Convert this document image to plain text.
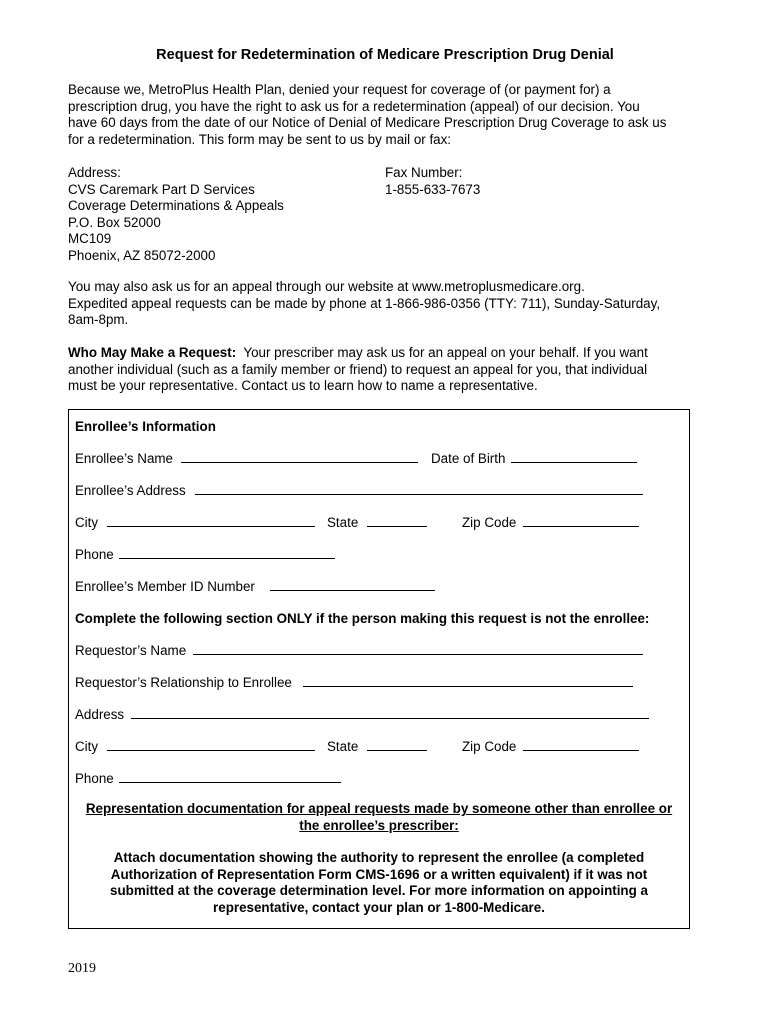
Request for Redetermination of Medicare Prescription Drug Denial
Because we, MetroPlus Health Plan, denied your request for coverage of (or payment for) a
prescription drug, you have the right to ask us for a redetermination (appeal) of our decision. You
have 60 days from the date of our Notice of Denial of Medicare Prescription Drug Coverage to ask us
for a redetermination. This form may be sent to us by mail or fax:
Address:
CVS Caremark Part D Services
Coverage Determinations & Appeals
P.O. Box 52000
MC109
Phoenix, AZ 85072-2000
Fax Number:
1-855-633-7673
You may also ask us for an appeal through our website at www.metroplusmedicare.org.
Expedited appeal requests can be made by phone at 1-866-986-0356 (TTY: 711), Sunday-Saturday,
8am-8pm.
Who May Make a Request:  Your prescriber may ask us for an appeal on your behalf. If you want
another individual (such as a family member or friend) to request an appeal for you, that individual
must be your representative. Contact us to learn how to name a representative.
Enrollee’s Information
Enrollee’s Name	Date of Birth
Enrollee’s Address
City	State	Zip Code
Phone
Enrollee’s Member ID Number
Complete the following section ONLY if the person making this request is not the enrollee:
Requestor’s Name
Requestor’s Relationship to Enrollee
Address
City	State	Zip Code
Phone
Representation documentation for appeal requests made by someone other than enrollee or
the enrollee’s prescriber:
Attach documentation showing the authority to represent the enrollee (a completed
Authorization of Representation Form CMS-1696 or a written equivalent) if it was not
submitted at the coverage determination level. For more information on appointing a
representative, contact your plan or 1-800-Medicare.
2019
